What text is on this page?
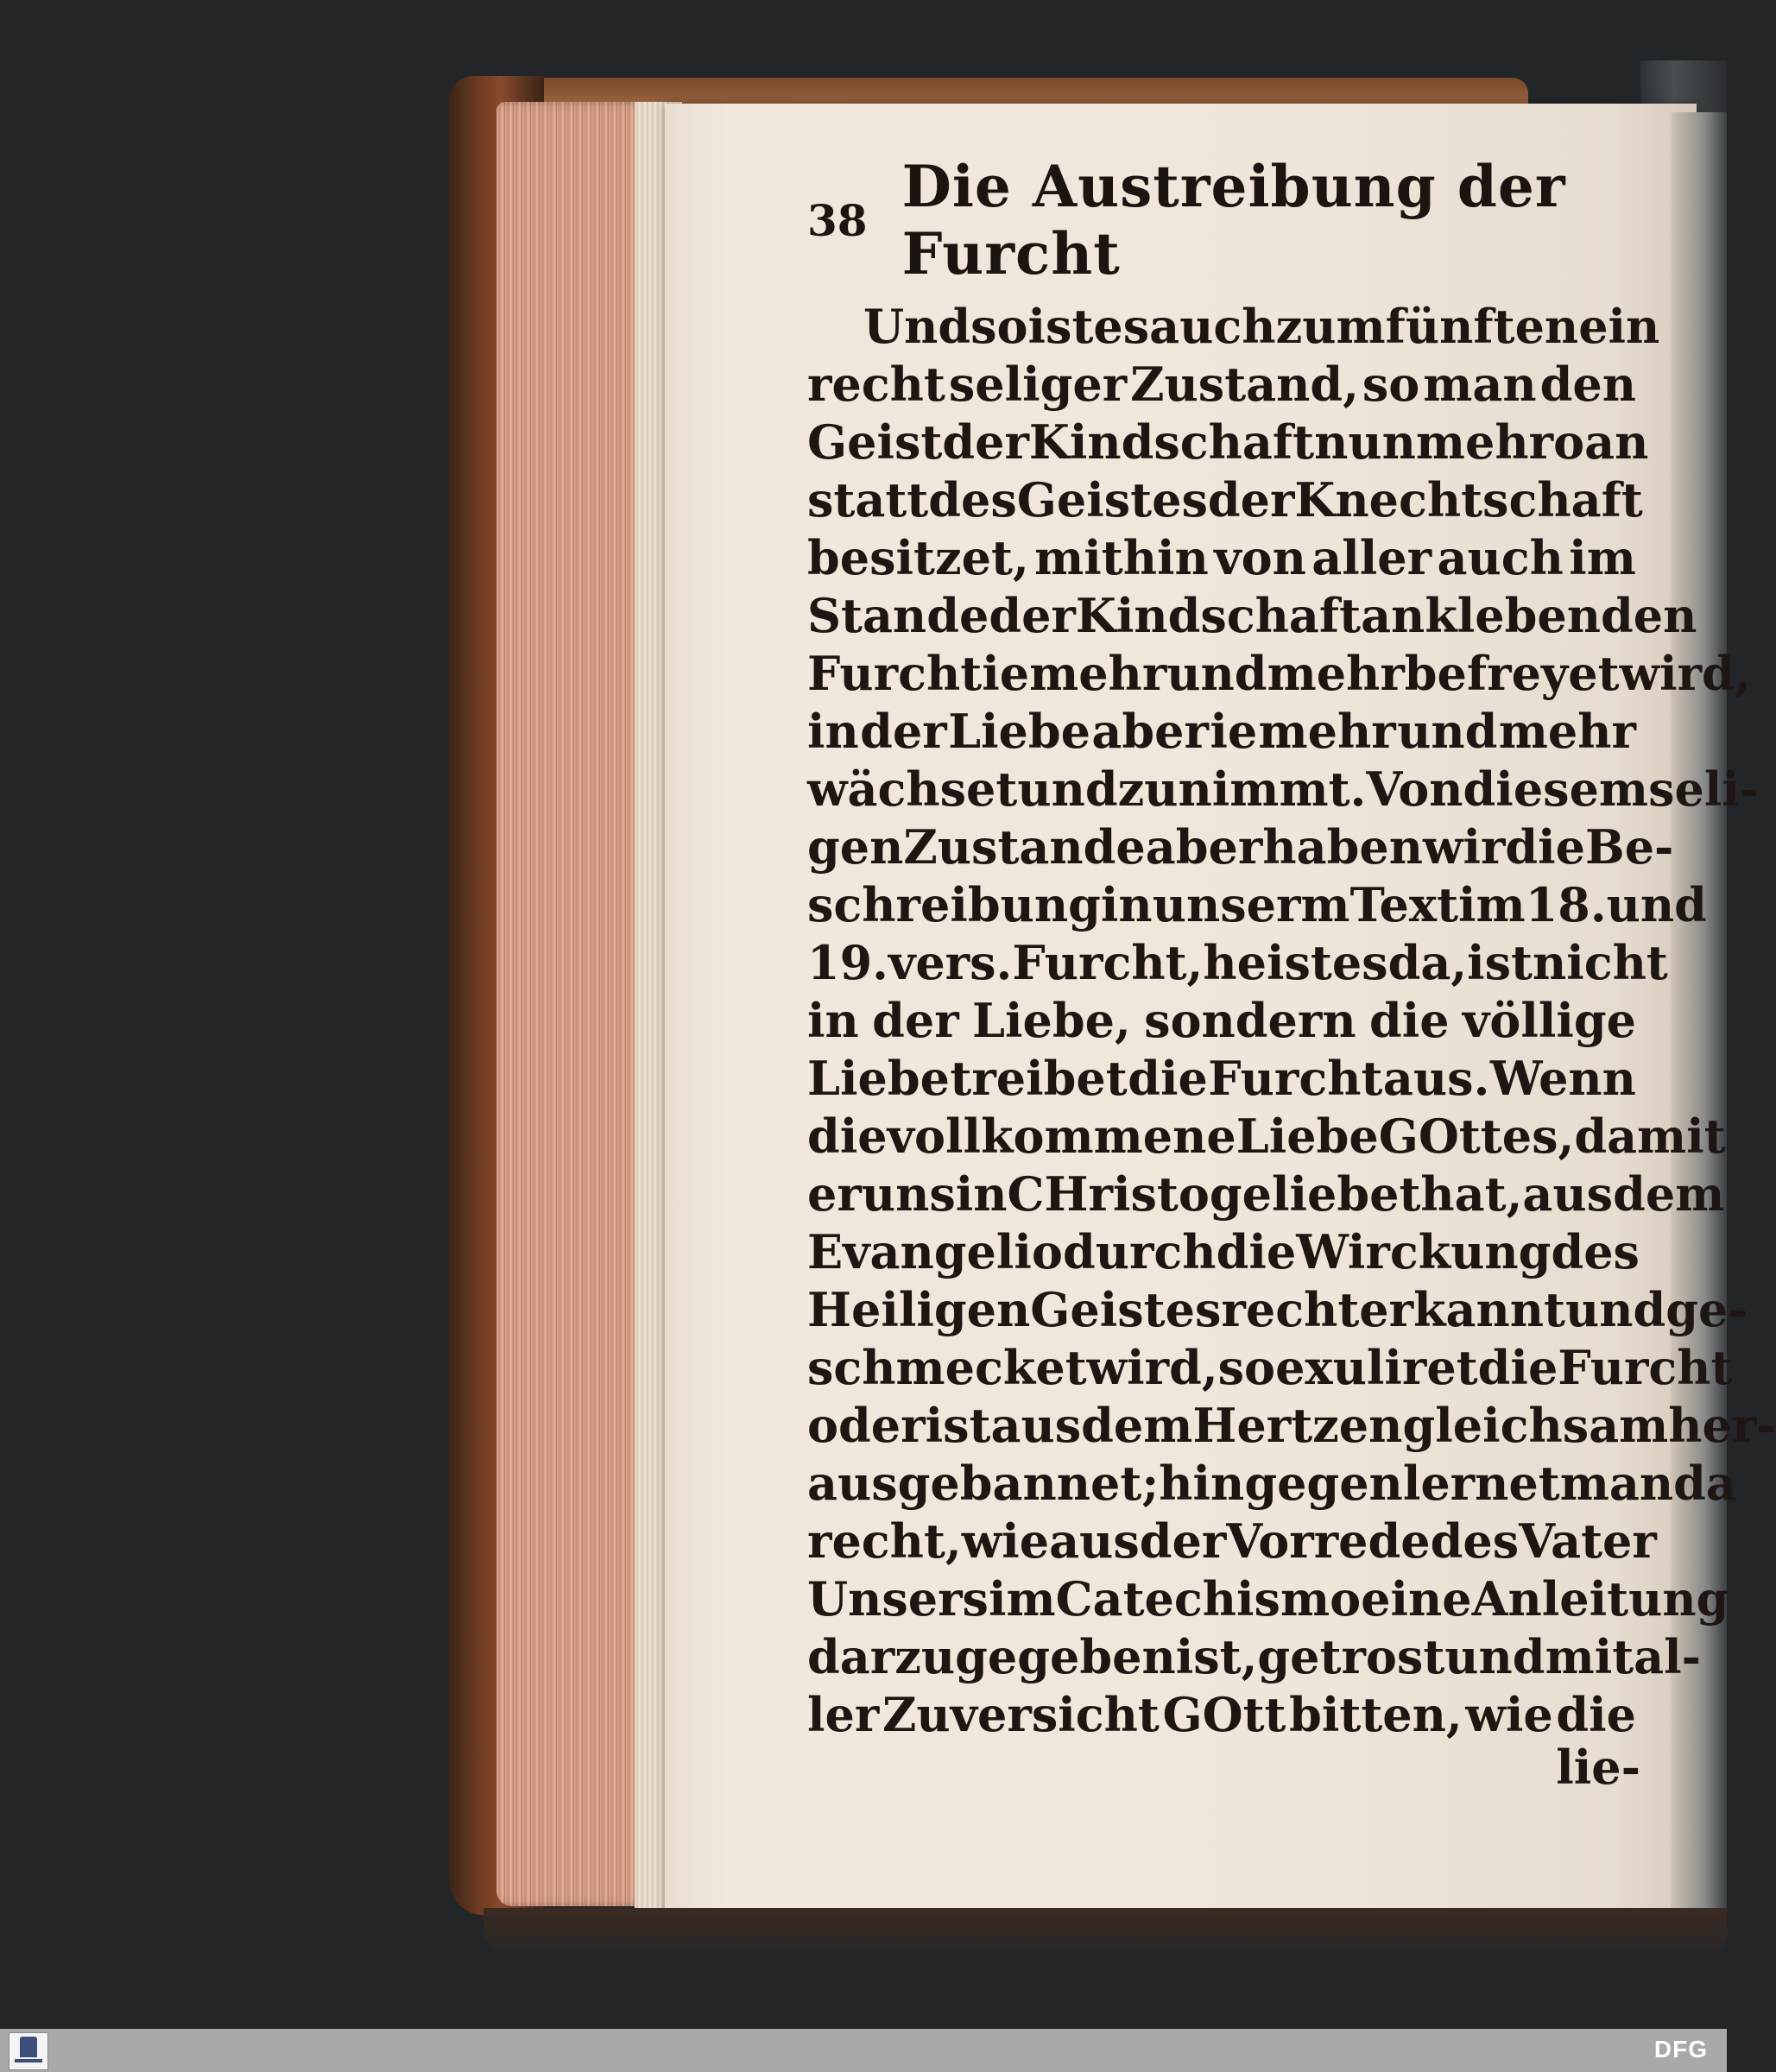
38 Die Austreibung der Furcht
Und so ist es auch zum fünften ein
recht seliger Zustand, so man den
Geist der Kindschaft nunmehro an
statt des Geistes der Knechtschaft
besitzet, mithin von aller auch im
Stande der Kindschaft anklebenden
Furcht ie mehr und mehr befreyet wird,
in der Liebe aber ie mehr und mehr
wächset und zunimmt. Von diesem seli-
gen Zustande aber haben wir die Be-
schreibung in unserm Text im 18. und
19. vers. Furcht, heist es da, ist nicht
in der Liebe, sondern die völlige
Liebe treibet die Furcht aus. Wenn
die vollkommene Liebe GOttes, damit
er uns in CHristo geliebet hat, aus dem
Evangelio durch die Wirckung des
Heiligen Geistes recht erkannt und ge-
schmecket wird, so exuliret die Furcht
oder ist aus dem Hertzen gleichsam her-
aus gebannet; hingegen lernet man da
recht, wie aus der Vorrede des Vater
Unsers im Catechismo eine Anleitung
darzu gegeben ist, getrost und mit al-
ler Zuversicht GOtt bitten, wie die
lie-
DFG
